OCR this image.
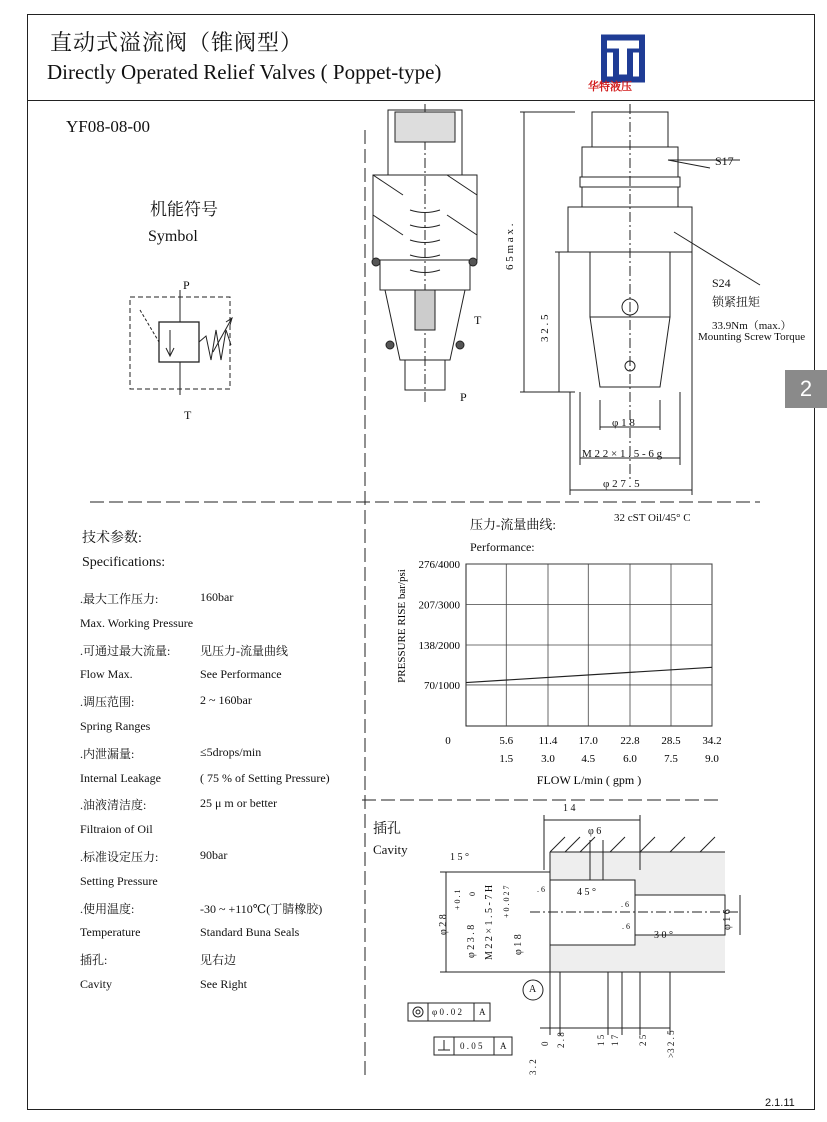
直动式溢流阀（锥阀型）
Directly Operated Relief Valves ( Poppet-type)
华特液压
YF08-08-00
机能符号
Symbol
2
P
T
T
P
S17
S24
锁紧扭矩
33.9Nm（max.）
Mounting Screw Torque
6 5 m a x .
3 2 . 5
φ 1 8
M 2 2 × 1 . 5 - 6 g
φ 2 7 . 5
技术参数:
Specifications:
.最大工作压力:	160bar
Max. Working Pressure
.可通过最大流量: 见压力-流量曲线
Flow Max.	See Performance
.调压范围:	2 ~ 160bar
Spring Ranges
.内泄漏量:	≤5drops/min
Internal Leakage	( 75 % of Setting Pressure)
.油液清洁度:	25 μ m or better
Filtraion of Oil
.标准设定压力:	90bar
Setting Pressure
.使用温度:	-30 ~ +110℃(丁腈橡胶)
Temperature	Standard Buna Seals
插孔:	见右边
Cavity	See Right
压力-流量曲线:	32 cST Oil/45° C
Performance:
5.6
1.5
11.4
3.0
17.0
4.5
22.8
6.0
28.5
7.5
34.2
9.0
70/1000
138/2000
207/3000
276/4000
0
FLOW L/min ( gpm )
PRESSURE RISE bar/psi
插孔
Cavity
1 4
φ 6
1 5 °
4 5 °
3 0 °
φ 2 8
φ 2 3 . 8
+ 0 . 1 0 M 2 2 × 1 . 5 - 7 H φ 1 8
+ 0 . 0 2 7
φ 1 6
A
φ 0 . 0 2 A
0 . 0 5 A	0 2 . 8	1 5 1 7 2 5 >3 2 . 5
3 . 2
. 6
. 6
. 6
2.1.11
